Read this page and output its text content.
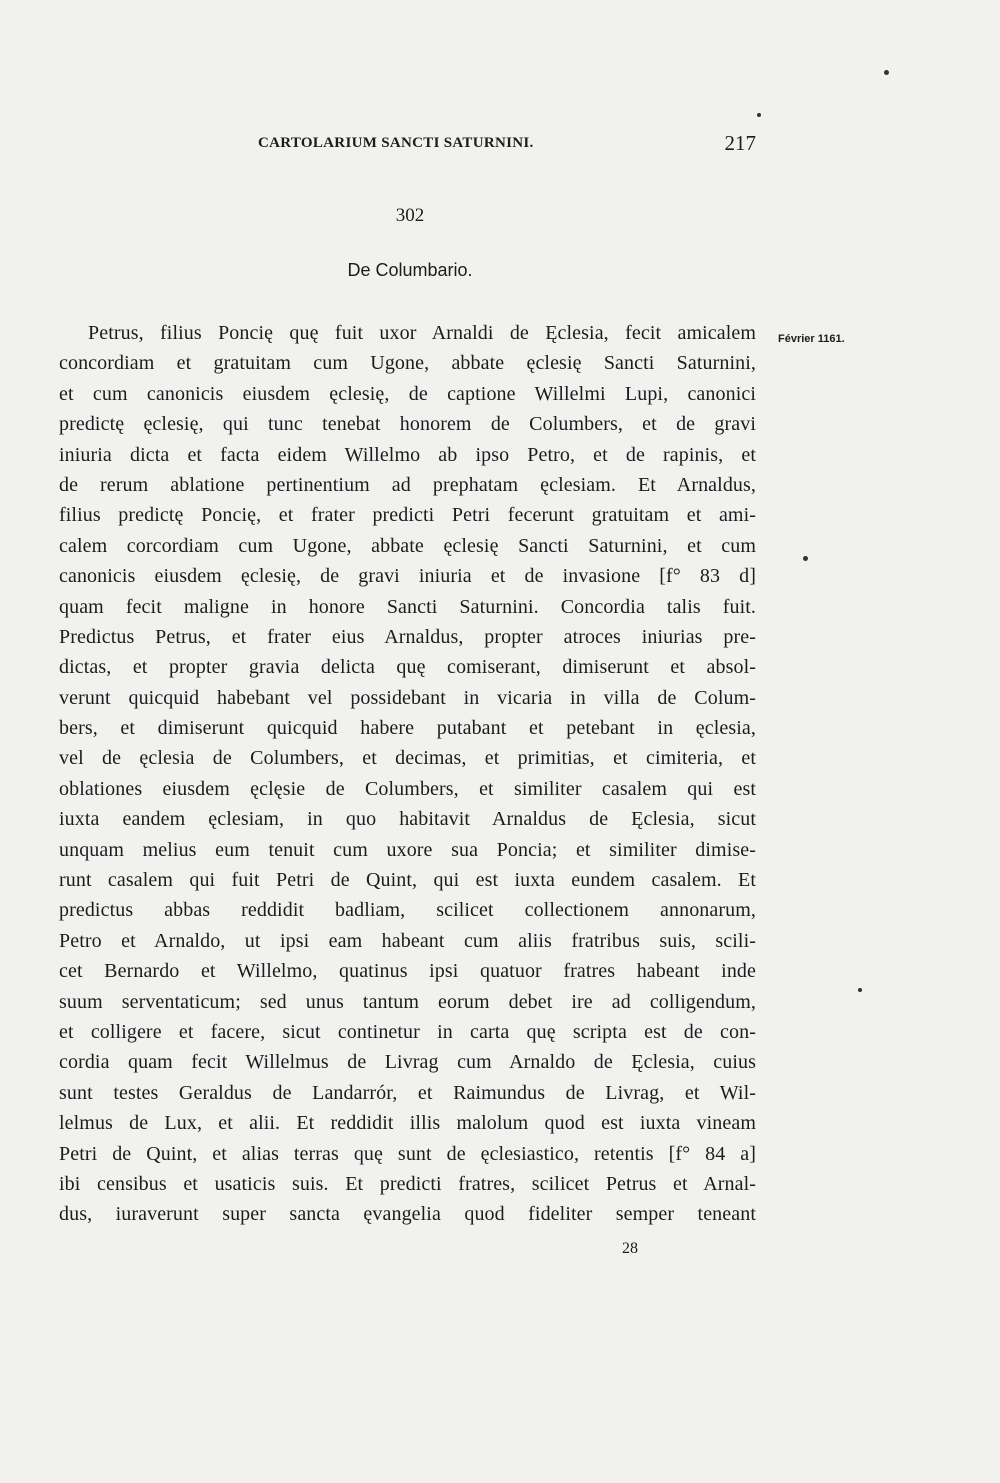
CARTOLARIUM SANCTI SATURNINI.	217
302
De Columbario.
Février 1161.
Petrus, filius Poncię quę fuit uxor Arnaldi de Ęclesia, fecit amicalem
concordiam et gratuitam cum Ugone, abbate ęclesię Sancti Saturnini,
et cum canonicis eiusdem ęclesię, de captione Willelmi Lupi, canonici
predictę ęclesię, qui tunc tenebat honorem de Columbers, et de gravi
iniuria dicta et facta eidem Willelmo ab ipso Petro, et de rapinis, et
de rerum ablatione pertinentium ad prephatam ęclesiam. Et Arnaldus,
filius predictę Poncię, et frater predicti Petri fecerunt gratuitam et ami-
calem corcordiam cum Ugone, abbate ęclesię Sancti Saturnini, et cum
canonicis eiusdem ęclesię, de gravi iniuria et de invasione [f° 83 d]
quam fecit maligne in honore Sancti Saturnini. Concordia talis fuit.
Predictus Petrus, et frater eius Arnaldus, propter atroces iniurias pre-
dictas, et propter gravia delicta quę comiserant, dimiserunt et absol-
verunt quicquid habebant vel possidebant in vicaria in villa de Colum-
bers, et dimiserunt quicquid habere putabant et petebant in ęclesia,
vel de ęclesia de Columbers, et decimas, et primitias, et cimiteria, et
oblationes eiusdem ęclęsie de Columbers, et similiter casalem qui est
iuxta eandem ęclesiam, in quo habitavit Arnaldus de Ęclesia, sicut
unquam melius eum tenuit cum uxore sua Poncia; et similiter dimise-
runt casalem qui fuit Petri de Quint, qui est iuxta eundem casalem. Et
predictus abbas reddidit badliam, scilicet collectionem annonarum,
Petro et Arnaldo, ut ipsi eam habeant cum aliis fratribus suis, scili-
cet Bernardo et Willelmo, quatinus ipsi quatuor fratres habeant inde
suum serventaticum; sed unus tantum eorum debet ire ad colligendum,
et colligere et facere, sicut continetur in carta quę scripta est de con-
cordia quam fecit Willelmus de Livrag cum Arnaldo de Ęclesia, cuius
sunt testes Geraldus de Landarrór, et Raimundus de Livrag, et Wil-
lelmus de Lux, et alii. Et reddidit illis malolum quod est iuxta vineam
Petri de Quint, et alias terras quę sunt de ęclesiastico, retentis [f° 84 a]
ibi censibus et usaticis suis. Et predicti fratres, scilicet Petrus et Arnal-
dus, iuraverunt super sancta ęvangelia quod fideliter semper teneant
28
